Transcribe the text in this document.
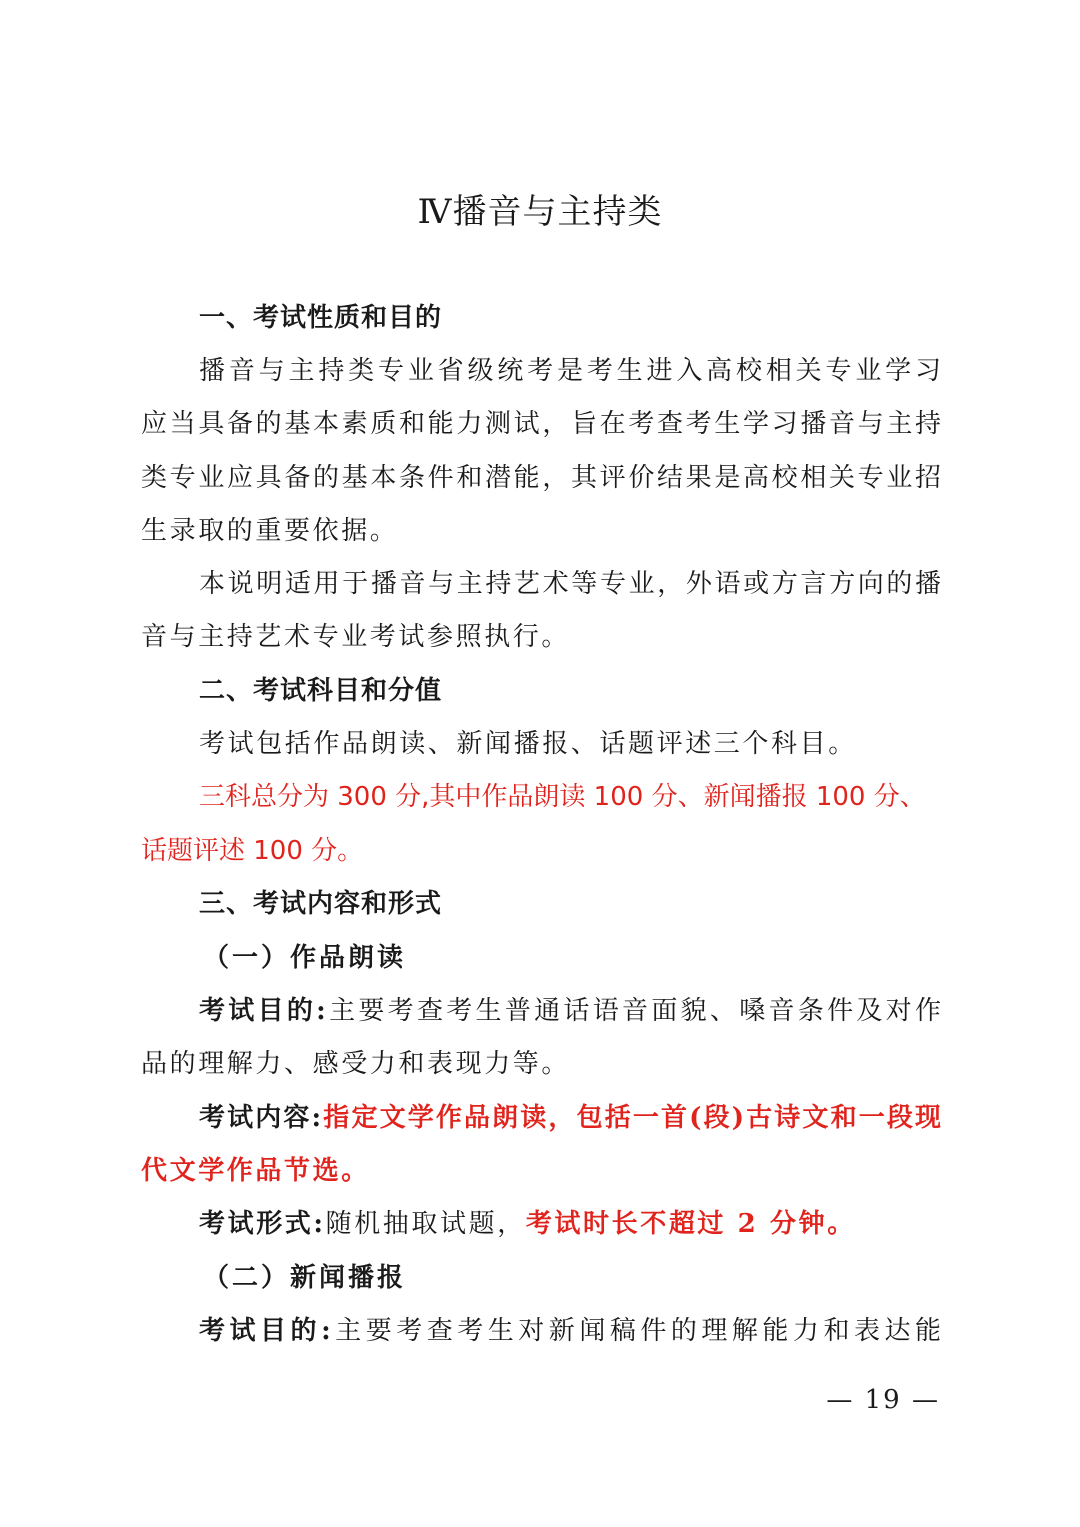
Ⅳ播音与主持类
一、考试性质和目的
播音与主持类专业省级统考是考生进入高校相关专业学习
应当具备的基本素质和能力测试，旨在考查考生学习播音与主持
类专业应具备的基本条件和潜能，其评价结果是高校相关专业招
生录取的重要依据。
本说明适用于播音与主持艺术等专业，外语或方言方向的播
音与主持艺术专业考试参照执行。
二、考试科目和分值
考试包括作品朗读、新闻播报、话题评述三个科目。
三科总分为 300 分,其中作品朗读 100 分、新闻播报 100 分、
话题评述 100 分。
三、考试内容和形式
（一）作品朗读
考试目的:主要考查考生普通话语音面貌、嗓音条件及对作
品的理解力、感受力和表现力等。
考试内容:指定文学作品朗读，包括一首(段)古诗文和一段现
代文学作品节选。
考试形式:随机抽取试题，考试时长不超过 2 分钟。
（二）新闻播报
考试目的:主要考查考生对新闻稿件的理解能力和表达能
— 19 —
